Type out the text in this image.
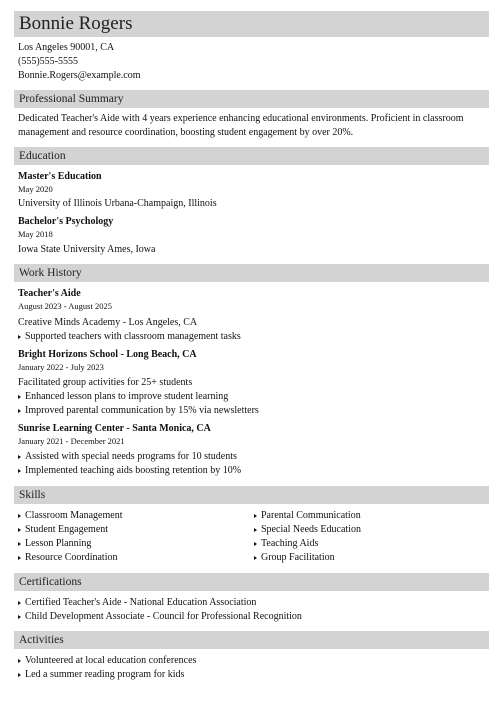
Bonnie Rogers
Los Angeles 90001, CA
(555)555-5555
Bonnie.Rogers@example.com
Professional Summary
Dedicated Teacher's Aide with 4 years experience enhancing educational environments. Proficient in classroom management and resource coordination, boosting student engagement by over 20%.
Education
Master's Education
May 2020
University of Illinois Urbana-Champaign, Illinois
Bachelor's Psychology
May 2018
Iowa State University Ames, Iowa
Work History
Teacher's Aide
August 2023 - August 2025
Creative Minds Academy - Los Angeles, CA
Supported teachers with classroom management tasks
Bright Horizons School - Long Beach, CA
January 2022 - July 2023
Facilitated group activities for 25+ students
Enhanced lesson plans to improve student learning
Improved parental communication by 15% via newsletters
Sunrise Learning Center - Santa Monica, CA
January 2021 - December 2021
Assisted with special needs programs for 10 students
Implemented teaching aids boosting retention by 10%
Skills
Classroom Management
Student Engagement
Lesson Planning
Resource Coordination
Parental Communication
Special Needs Education
Teaching Aids
Group Facilitation
Certifications
Certified Teacher's Aide - National Education Association
Child Development Associate - Council for Professional Recognition
Activities
Volunteered at local education conferences
Led a summer reading program for kids
